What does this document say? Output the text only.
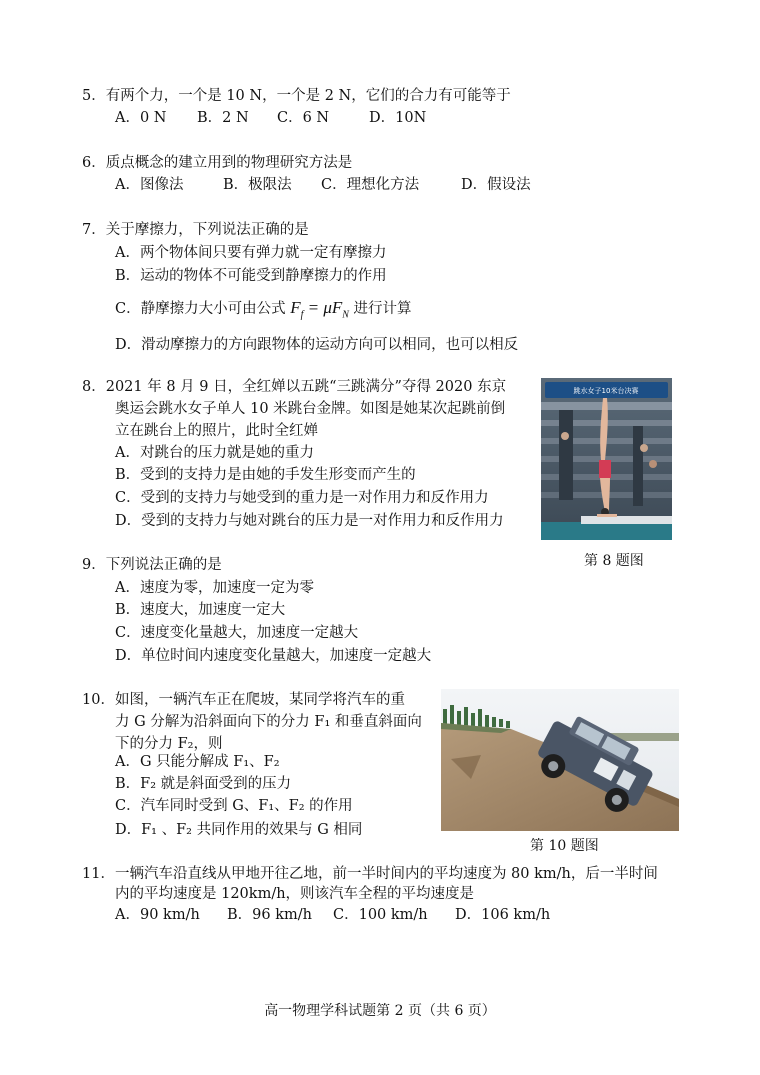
5．有两个力，一个是 10 N，一个是 2 N，它们的合力有可能等于
A．0 N B．2 N C．6 N	D．10N
6．质点概念的建立用到的物理研究方法是
A．图像法	B．极限法 C．理想化方法	D．假设法
7．关于摩擦力，下列说法正确的是
A．两个物体间只要有弹力就一定有摩擦力
B．运动的物体不可能受到静摩擦力的作用
C．静摩擦力大小可由公式 $F_f = \mu F_N$ 进行计算
D．滑动摩擦力的方向跟物体的运动方向可以相同，也可以相反
8．2021 年 8 月 9 日，全红婵以五跳“三跳满分”夺得 2020 东京
奥运会跳水女子单人 10 米跳台金牌。如图是她某次起跳前倒
立在跳台上的照片，此时全红婵
A．对跳台的压力就是她的重力
B．受到的支持力是由她的手发生形变而产生的
C．受到的支持力与她受到的重力是一对作用力和反作用力
D．受到的支持力与她对跳台的压力是一对作用力和反作用力
跳水女子10米台决赛
第 8 题图
9．下列说法正确的是
A．速度为零，加速度一定为零
B．速度大，加速度一定大
C．速度变化量越大，加速度一定越大
D．单位时间内速度变化量越大，加速度一定越大
10．如图，一辆汽车正在爬坡，某同学将汽车的重
力 G 分解为沿斜面向下的分力 F₁ 和垂直斜面向
下的分力 F₂，则
A．G 只能分解成 F₁、F₂
B．F₂ 就是斜面受到的压力
C．汽车同时受到 G、F₁、F₂ 的作用
D．F₁ 、F₂ 共同作用的效果与 G 相同
第 10 题图
11．一辆汽车沿直线从甲地开往乙地，前一半时间内的平均速度为 80 km/h，后一半时间
内的平均速度是 120km/h，则该汽车全程的平均速度是
A．90 km/h B．96 km/h C．100 km/h D．106 km/h
高一物理学科试题第 2 页（共 6 页）
